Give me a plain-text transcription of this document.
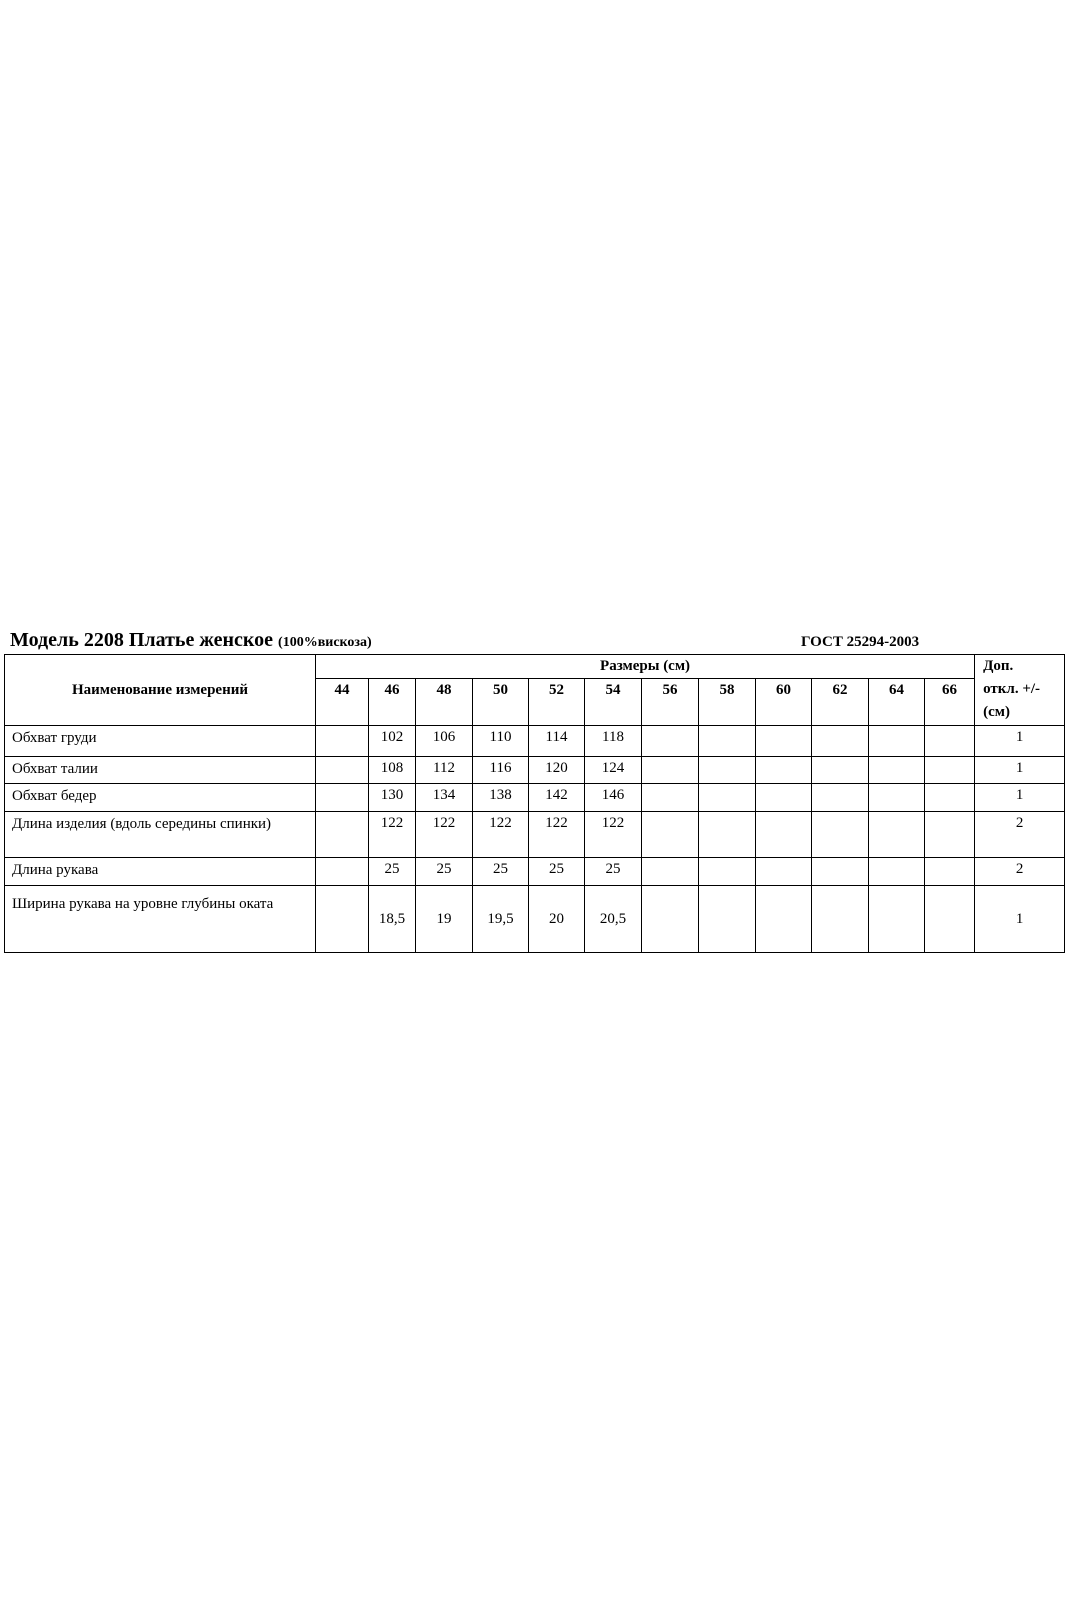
Модель 2208 Платье женское (100%вискоза)	ГОСТ 25294-2003
Наименование измерений	Размеры (см)												Доп.
откл. +/-
(см)

	44	46	48	50	52	54	56	58	60	62	64	66	
Обхват груди		102	106	110	114	118							1
Обхват талии		108	112	116	120	124							1
Обхват бедер		130	134	138	142	146							1
Длина изделия (вдоль середины спинки)		122	122	122	122	122							2
Длина рукава		25	25	25	25	25							2
Ширина рукава на уровне глубины оката		18,5	19	19,5	20	20,5							1
